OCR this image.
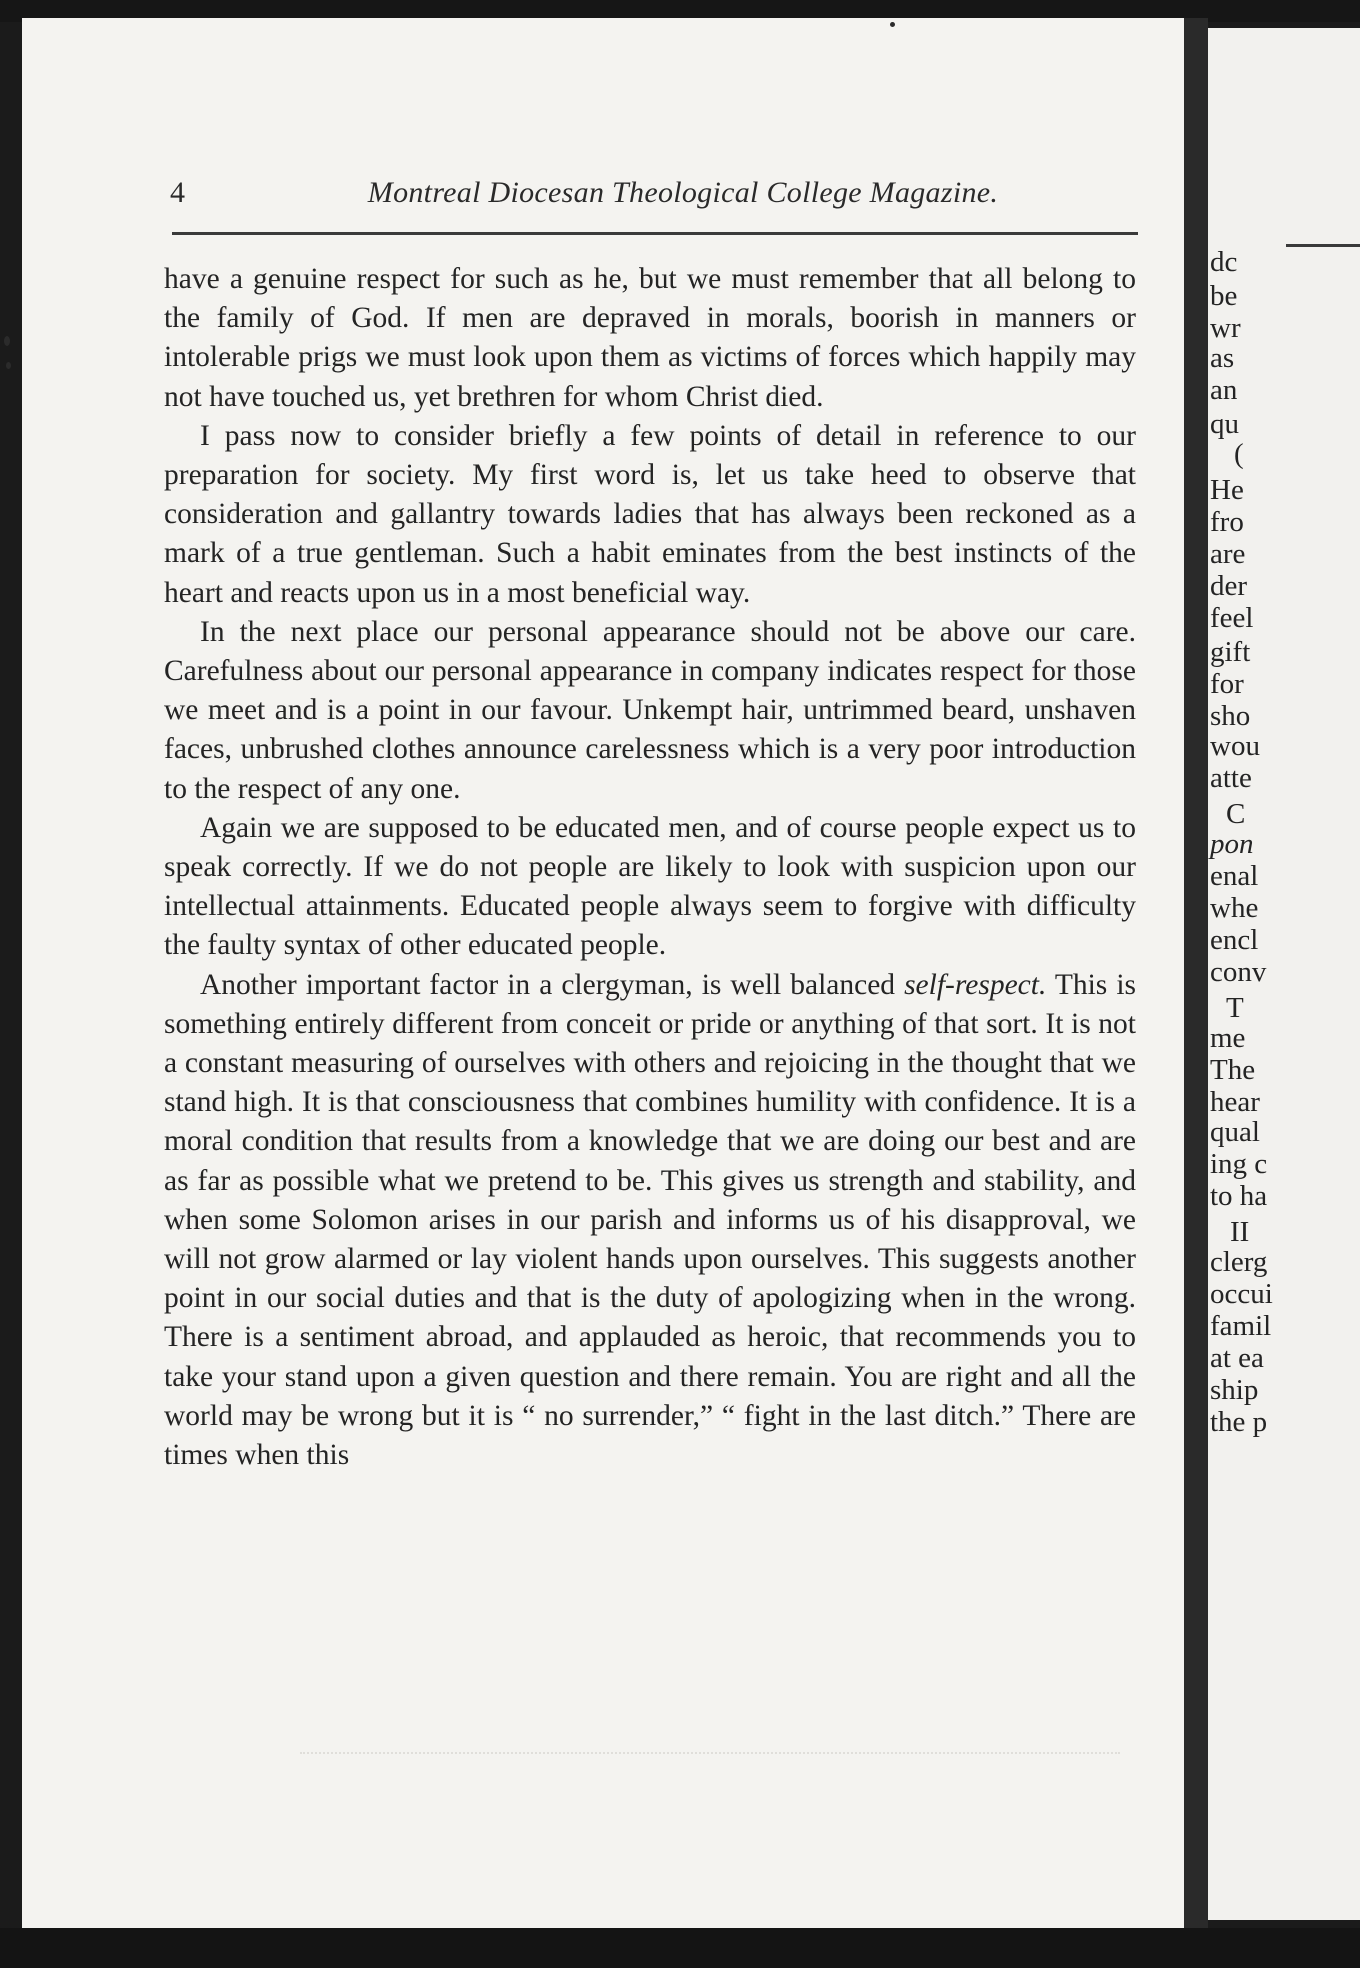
4	Montreal Diocesan Theological College Magazine.

have a genuine respect for such as he, but we must remember that all belong to the family of God. If men are depraved in morals, boorish in manners or intolerable prigs we must look upon them as victims of forces which happily may not have touched us, yet brethren for whom Christ died.

I pass now to consider briefly a few points of detail in reference to our preparation for society. My first word is, let us take heed to observe that consideration and gallantry towards ladies that has always been reckoned as a mark of a true gentleman. Such a habit eminates from the best instincts of the heart and reacts upon us in a most beneficial way.

In the next place our personal appearance should not be above our care. Carefulness about our personal appearance in company indicates respect for those we meet and is a point in our favour. Unkempt hair, untrimmed beard, unshaven faces, unbrushed clothes announce carelessness which is a very poor introduction to the respect of any one.

Again we are supposed to be educated men, and of course people expect us to speak correctly. If we do not people are likely to look with suspicion upon our intellectual attainments. Educated people always seem to forgive with difficulty the faulty syntax of other educated people.

Another important factor in a clergyman, is well balanced self-respect. This is something entirely different from conceit or pride or anything of that sort. It is not a constant measuring of ourselves with others and rejoicing in the thought that we stand high. It is that consciousness that combines humility with confidence. It is a moral condition that results from a knowledge that we are doing our best and are as far as possible what we pretend to be. This gives us strength and stability, and when some Solomon arises in our parish and informs us of his disapproval, we will not grow alarmed or lay violent hands upon ourselves. This suggests another point in our social duties and that is the duty of apologizing when in the wrong. There is a sentiment abroad, and applauded as heroic, that recommends you to take your stand upon a given question and there remain. You are right and all the world may be wrong but it is “ no surrender,” “ fight in the last ditch.” There are times when this

dc
be
wr
as
an
qu
(
He
fro
are
der
feel
gift
for
sho
wou
atte
C
pon
enal
whe
encl
conv
T
me
The
hear
qual
ing c
to ha
II
clerg
occui
famil
at ea
ship
the p
